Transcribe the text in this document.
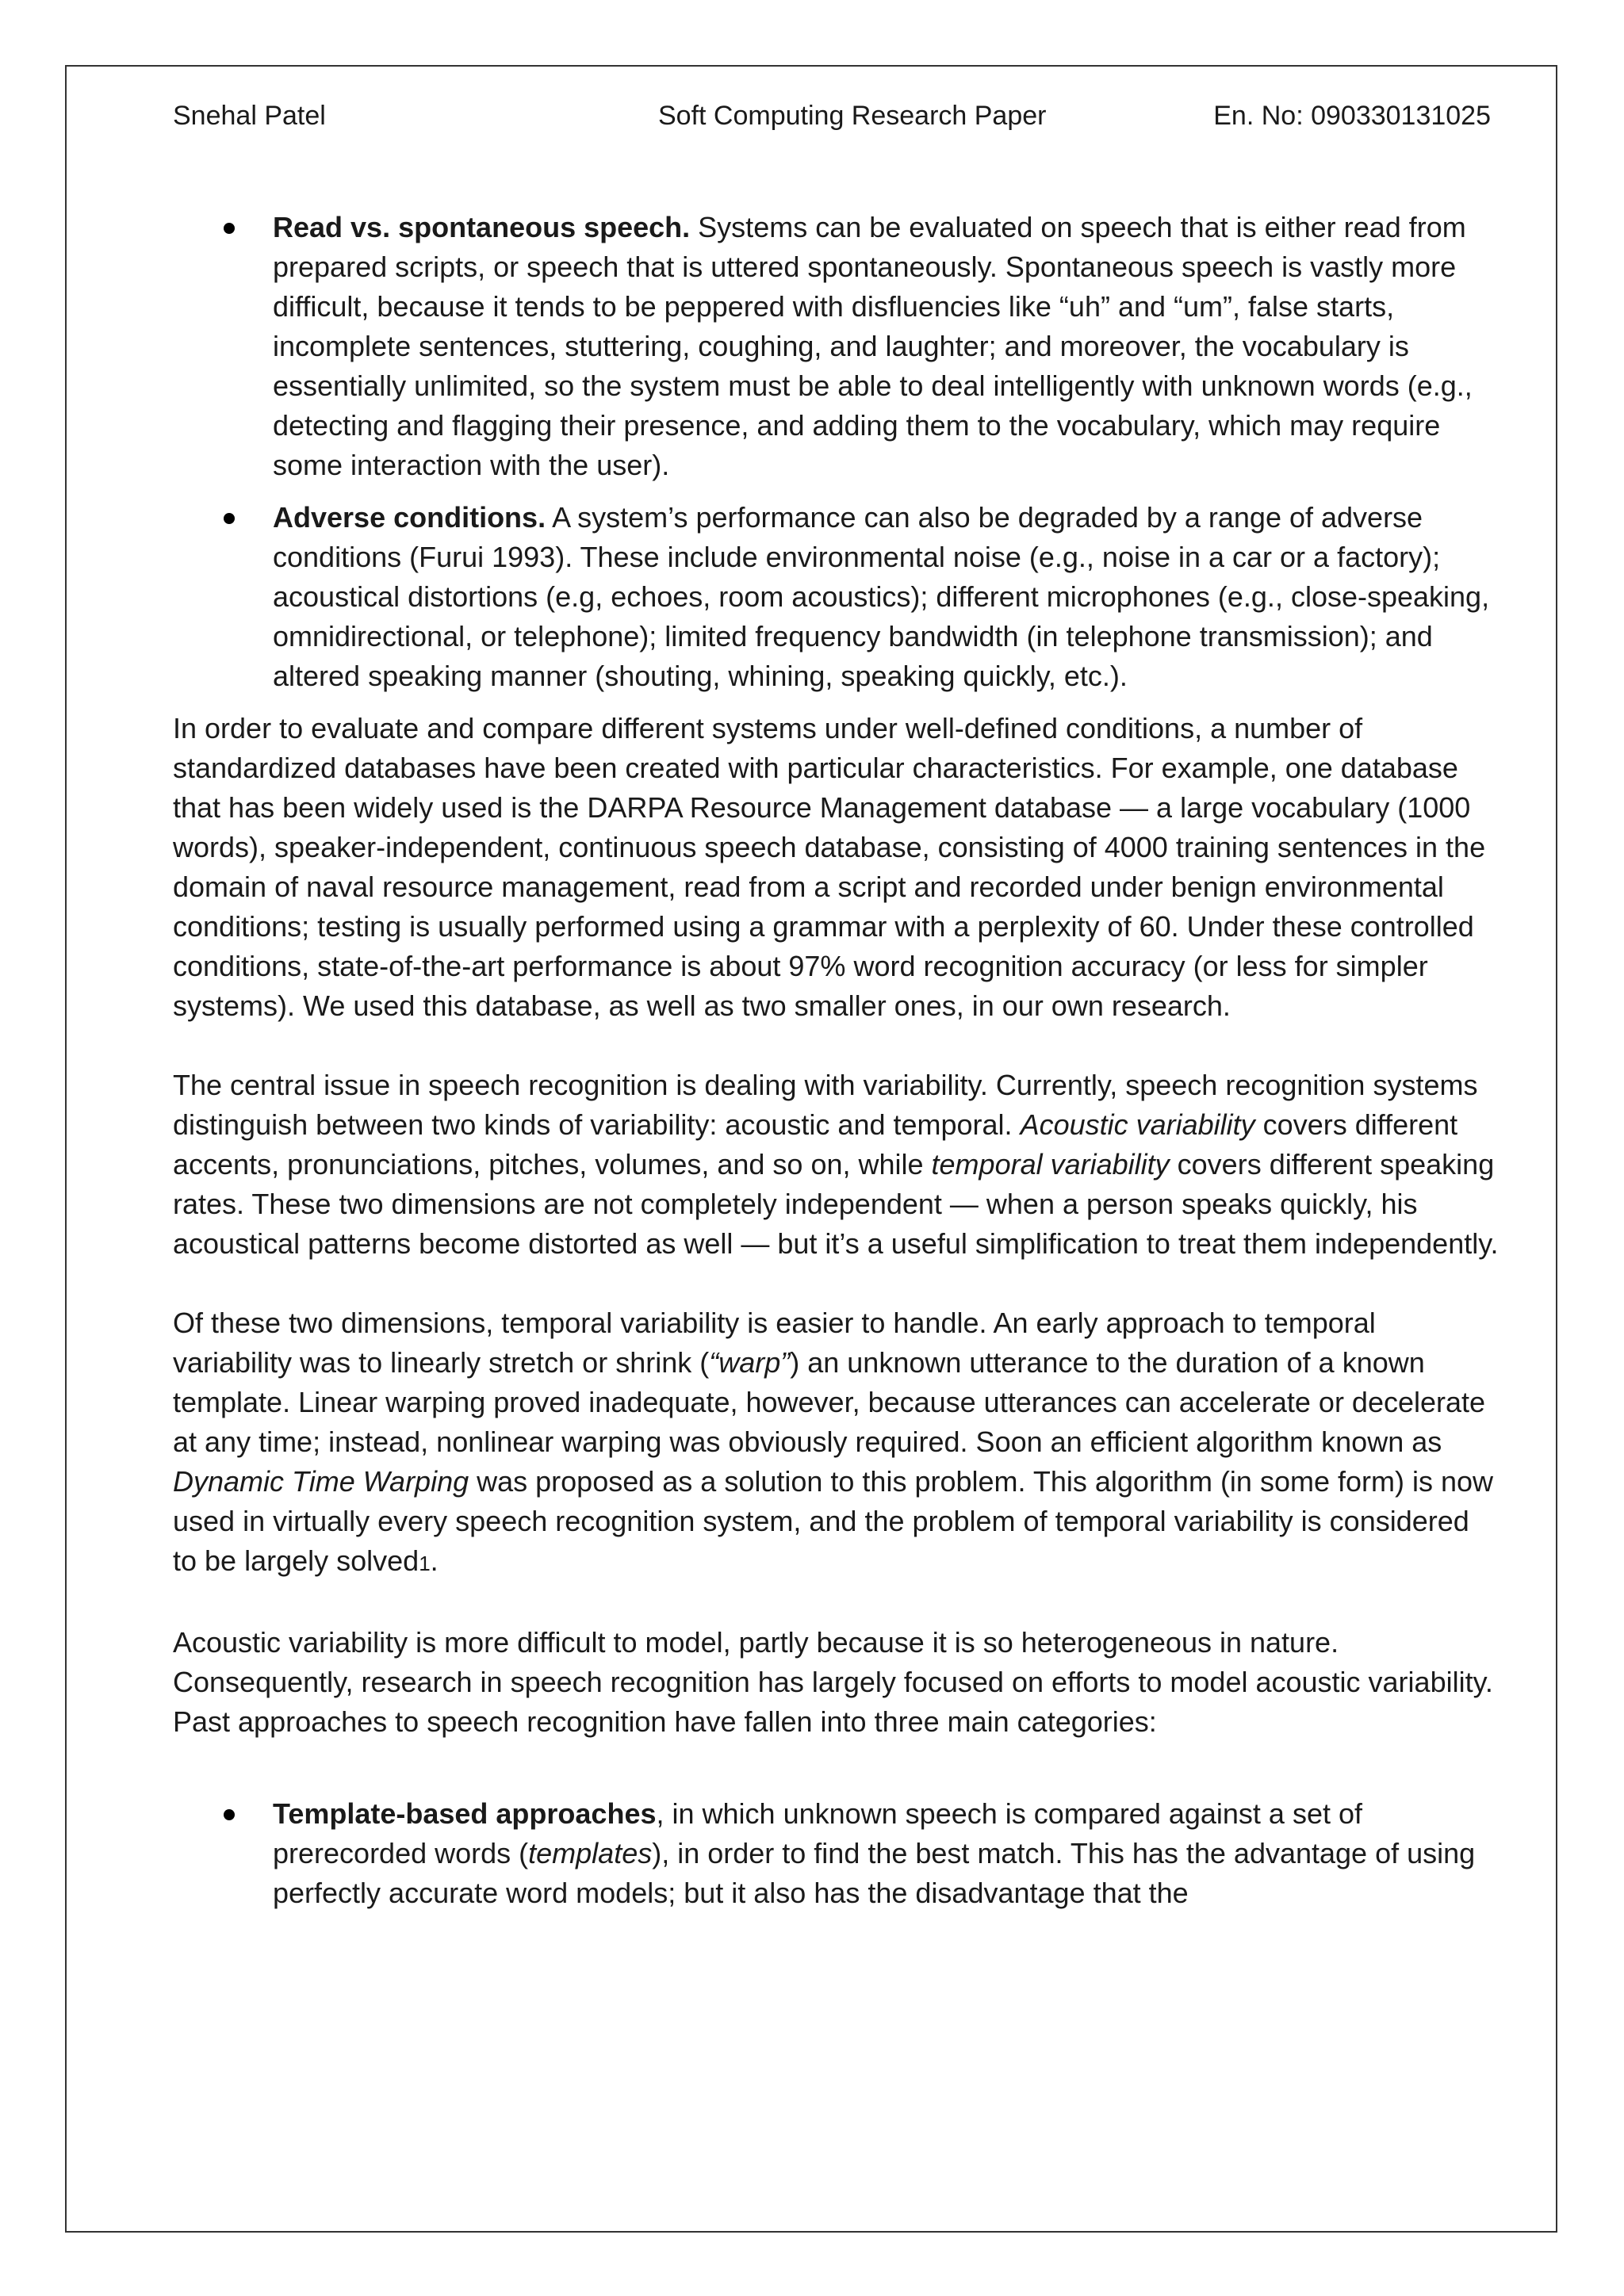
Snehal Patel	Soft Computing Research Paper	En. No: 090330131025
Read vs. spontaneous speech. Systems can be evaluated on speech that is either read from prepared scripts, or speech that is uttered spontaneously. Spontaneous speech is vastly more difficult, because it tends to be peppered with disfluencies like “uh” and “um”, false starts, incomplete sentences, stuttering, coughing, and laughter; and moreover, the vocabulary is essentially unlimited, so the system must be able to deal intelligently with unknown words (e.g., detecting and flagging their presence, and adding them to the vocabulary, which may require some interaction with the user).
Adverse conditions. A system’s performance can also be degraded by a range of adverse conditions (Furui 1993). These include environmental noise (e.g., noise in a car or a factory); acoustical distortions (e.g, echoes, room acoustics); different microphones (e.g., close-speaking, omnidirectional, or telephone); limited frequency bandwidth (in telephone transmission); and altered speaking manner (shouting, whining, speaking quickly, etc.).

In order to evaluate and compare different systems under well-defined conditions, a number of standardized databases have been created with particular characteristics. For example, one database that has been widely used is the DARPA Resource Management database — a large vocabulary (1000 words), speaker-independent, continuous speech database, consisting of 4000 training sentences in the domain of naval resource management, read from a script and recorded under benign environmental conditions; testing is usually performed using a grammar with a perplexity of 60. Under these controlled conditions, state-of-the-art performance is about 97% word recognition accuracy (or less for simpler systems). We used this database, as well as two smaller ones, in our own research.

The central issue in speech recognition is dealing with variability. Currently, speech recognition systems distinguish between two kinds of variability: acoustic and temporal. Acoustic variability covers different accents, pronunciations, pitches, volumes, and so on, while temporal variability covers different speaking rates. These two dimensions are not completely independent — when a person speaks quickly, his acoustical patterns become distorted as well — but it’s a useful simplification to treat them independently.

Of these two dimensions, temporal variability is easier to handle. An early approach to temporal variability was to linearly stretch or shrink (“warp”) an unknown utterance to the duration of a known template. Linear warping proved inadequate, however, because utterances can accelerate or decelerate at any time; instead, nonlinear warping was obviously required. Soon an efficient algorithm known as Dynamic Time Warping was proposed as a solution to this problem. This algorithm (in some form) is now used in virtually every speech recognition system, and the problem of temporal variability is considered to be largely solved1.

Acoustic variability is more difficult to model, partly because it is so heterogeneous in nature. Consequently, research in speech recognition has largely focused on efforts to model acoustic variability. Past approaches to speech recognition have fallen into three main categories:

Template-based approaches, in which unknown speech is compared against a set of prerecorded words (templates), in order to find the best match. This has the advantage of using perfectly accurate word models; but it also has the disadvantage that the
